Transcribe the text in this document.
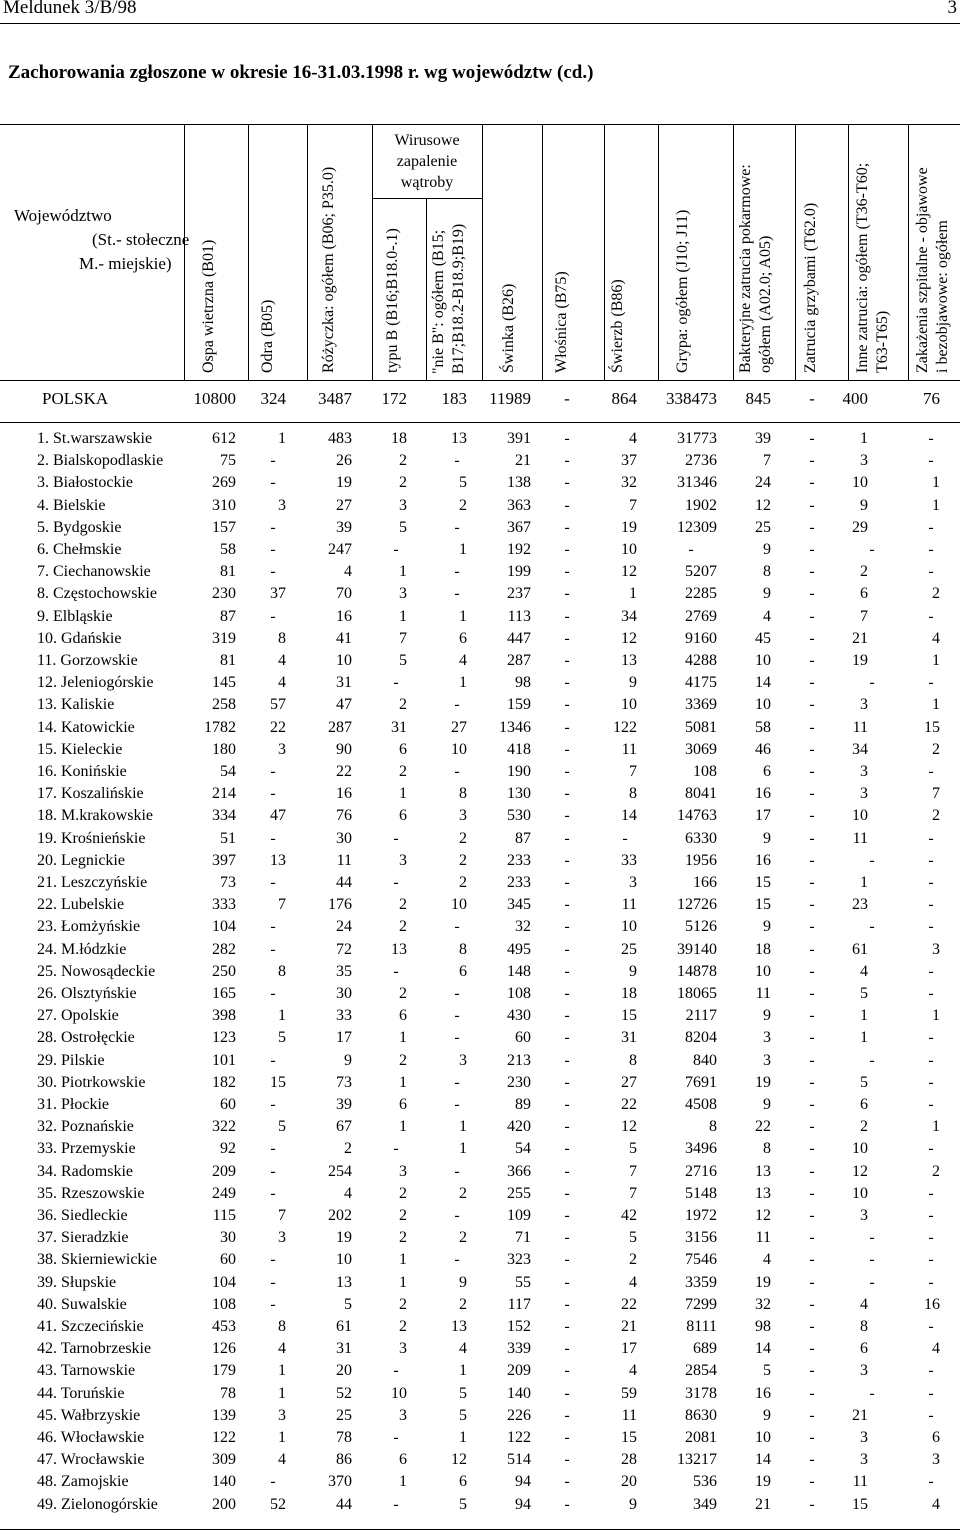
Meldunek 3/B/98	3
Zachorowania zgłoszone w okresie 16-31.03.1998 r. wg województw (cd.)
Województwo
(St.- stołeczne
M.- miejskie)
Wirusowe
zapalenie
wątroby
Ospa wietrzna (B01)	Odra (B05)	Różyczka: ogółem (B06; P35.0)	typu B (B16;B18.0-.1) "nie B": ogółem (B15; B17;B18.2-B18.9;B19) Świnka (B26) Włośnica (B75) Świerzb (B86)	Grypa: ogółem (J10; J11)	Bakteryjne zatrucia pokarmowe: ogółem (A02.0; A05) Zatrucia grzybami (T62.0) Inne zatrucia: ogółem (T36-T60; T63-T65) Zakażenia szpitalne - objawowe i bezobjawowe: ogółem
POLSKA	10800 324 3487 172 183 11989 - 864 338473 845 - 400	76
1. St.warszawskie	612	1	483 18	13	391 -	4	31773 39 -	1	-
2. Bialskopodlaskie	75 -	26	2	-	21 -	37	2736	7 -	3	-
3. Białostockie	269 -	19	2	5	138 -	32	31346 24 - 10	1
4. Bielskie	310	3	27	3	2	363 -	7	1902 12 -	9	1
5. Bydgoskie	157 -	39	5	-	367 -	19	12309 25 - 29	-
6. Chełmskie	58 -	247	-	1	192 -	10	-	9 -	-	-
7. Ciechanowskie	81 -	4	1	-	199 -	12	5207	8 -	2	-
8. Częstochowskie	230 37	70	3	-	237 -	1	2285	9 -	6	2
9. Elbląskie	87 -	16	1	1	113 -	34	2769	4 -	7	-
10. Gdańskie	319	8	41	7	6	447 -	12	9160 45 - 21	4
11. Gorzowskie	81	4	10	5	4	287 -	13	4288 10 - 19	1
12. Jeleniogórskie	145	4	31	-	1	98 -	9	4175 14 -	-	-
13. Kaliskie	258 57	47	2	-	159 -	10	3369 10 -	3	1
14. Katowickie	1782 22	287 31	27 1346 -	122	5081 58 - 11	15
15. Kieleckie	180	3	90	6	10	418 -	11	3069 46 - 34	2
16. Konińskie	54 -	22	2	-	190 -	7	108	6 -	3	-
17. Koszalińskie	214 -	16	1	8	130 -	8	8041 16 -	3	7
18. M.krakowskie	334 47	76	6	3	530 -	14	14763 17 - 10	2
19. Krośnieńskie	51 -	30	-	2	87 -	-	6330	9 - 11	-
20. Legnickie	397 13	11	3	2	233 -	33	1956 16 -	-	-
21. Leszczyńskie	73 -	44	-	2	233 -	3	166 15 -	1	-
22. Lubelskie	333	7	176	2	10	345 -	11	12726 15 - 23	-
23. Łomżyńskie	104 -	24	2	-	32 -	10	5126	9 -	-	-
24. M.łódzkie	282 -	72 13	8	495 -	25	39140 18 - 61	3
25. Nowosądeckie	250	8	35	-	6	148 -	9	14878 10 -	4	-
26. Olsztyńskie	165 -	30	2	-	108 -	18	18065 11 -	5	-
27. Opolskie	398	1	33	6	-	430 -	15	2117	9 -	1	1
28. Ostrołęckie	123	5	17	1	-	60 -	31	8204	3 -	1	-
29. Pilskie	101 -	9	2	3	213 -	8	840	3 -	-	-
30. Piotrkowskie	182 15	73	1	-	230 -	27	7691 19 -	5	-
31. Płockie	60 -	39	6	-	89 -	22	4508	9 -	6	-
32. Poznańskie	322	5	67	1	1	420 -	12	8 22 -	2	1
33. Przemyskie	92 -	2	-	1	54 -	5	3496	8 - 10	-
34. Radomskie	209 -	254	3	-	366 -	7	2716 13 - 12	2
35. Rzeszowskie	249 -	4	2	2	255 -	7	5148 13 - 10	-
36. Siedleckie	115	7	202	2	-	109 -	42	1972 12 -	3	-
37. Sieradzkie	30	3	19	2	2	71 -	5	3156 11 -	-	-
38. Skierniewickie	60 -	10	1	-	323 -	2	7546	4 -	-	-
39. Słupskie	104 -	13	1	9	55 -	4	3359 19 -	-	-
40. Suwalskie	108 -	5	2	2	117 -	22	7299 32 -	4	16
41. Szczecińskie	453	8	61	2	13	152 -	21	8111 98 -	8	-
42. Tarnobrzeskie	126	4	31	3	4	339 -	17	689 14 -	6	4
43. Tarnowskie	179	1	20	-	1	209 -	4	2854	5 -	3	-
44. Toruńskie	78	1	52 10	5	140 -	59	3178 16 -	-	-
45. Wałbrzyskie	139	3	25	3	5	226 -	11	8630	9 - 21	-
46. Włocławskie	122	1	78	-	1	122 -	15	2081 10 -	3	6
47. Wrocławskie	309	4	86	6	12	514 -	28	13217 14 -	3	3
48. Zamojskie	140 -	370	1	6	94 -	20	536 19 - 11	-
49. Zielonogórskie	200 52	44	-	5	94 -	9	349 21 - 15	4
